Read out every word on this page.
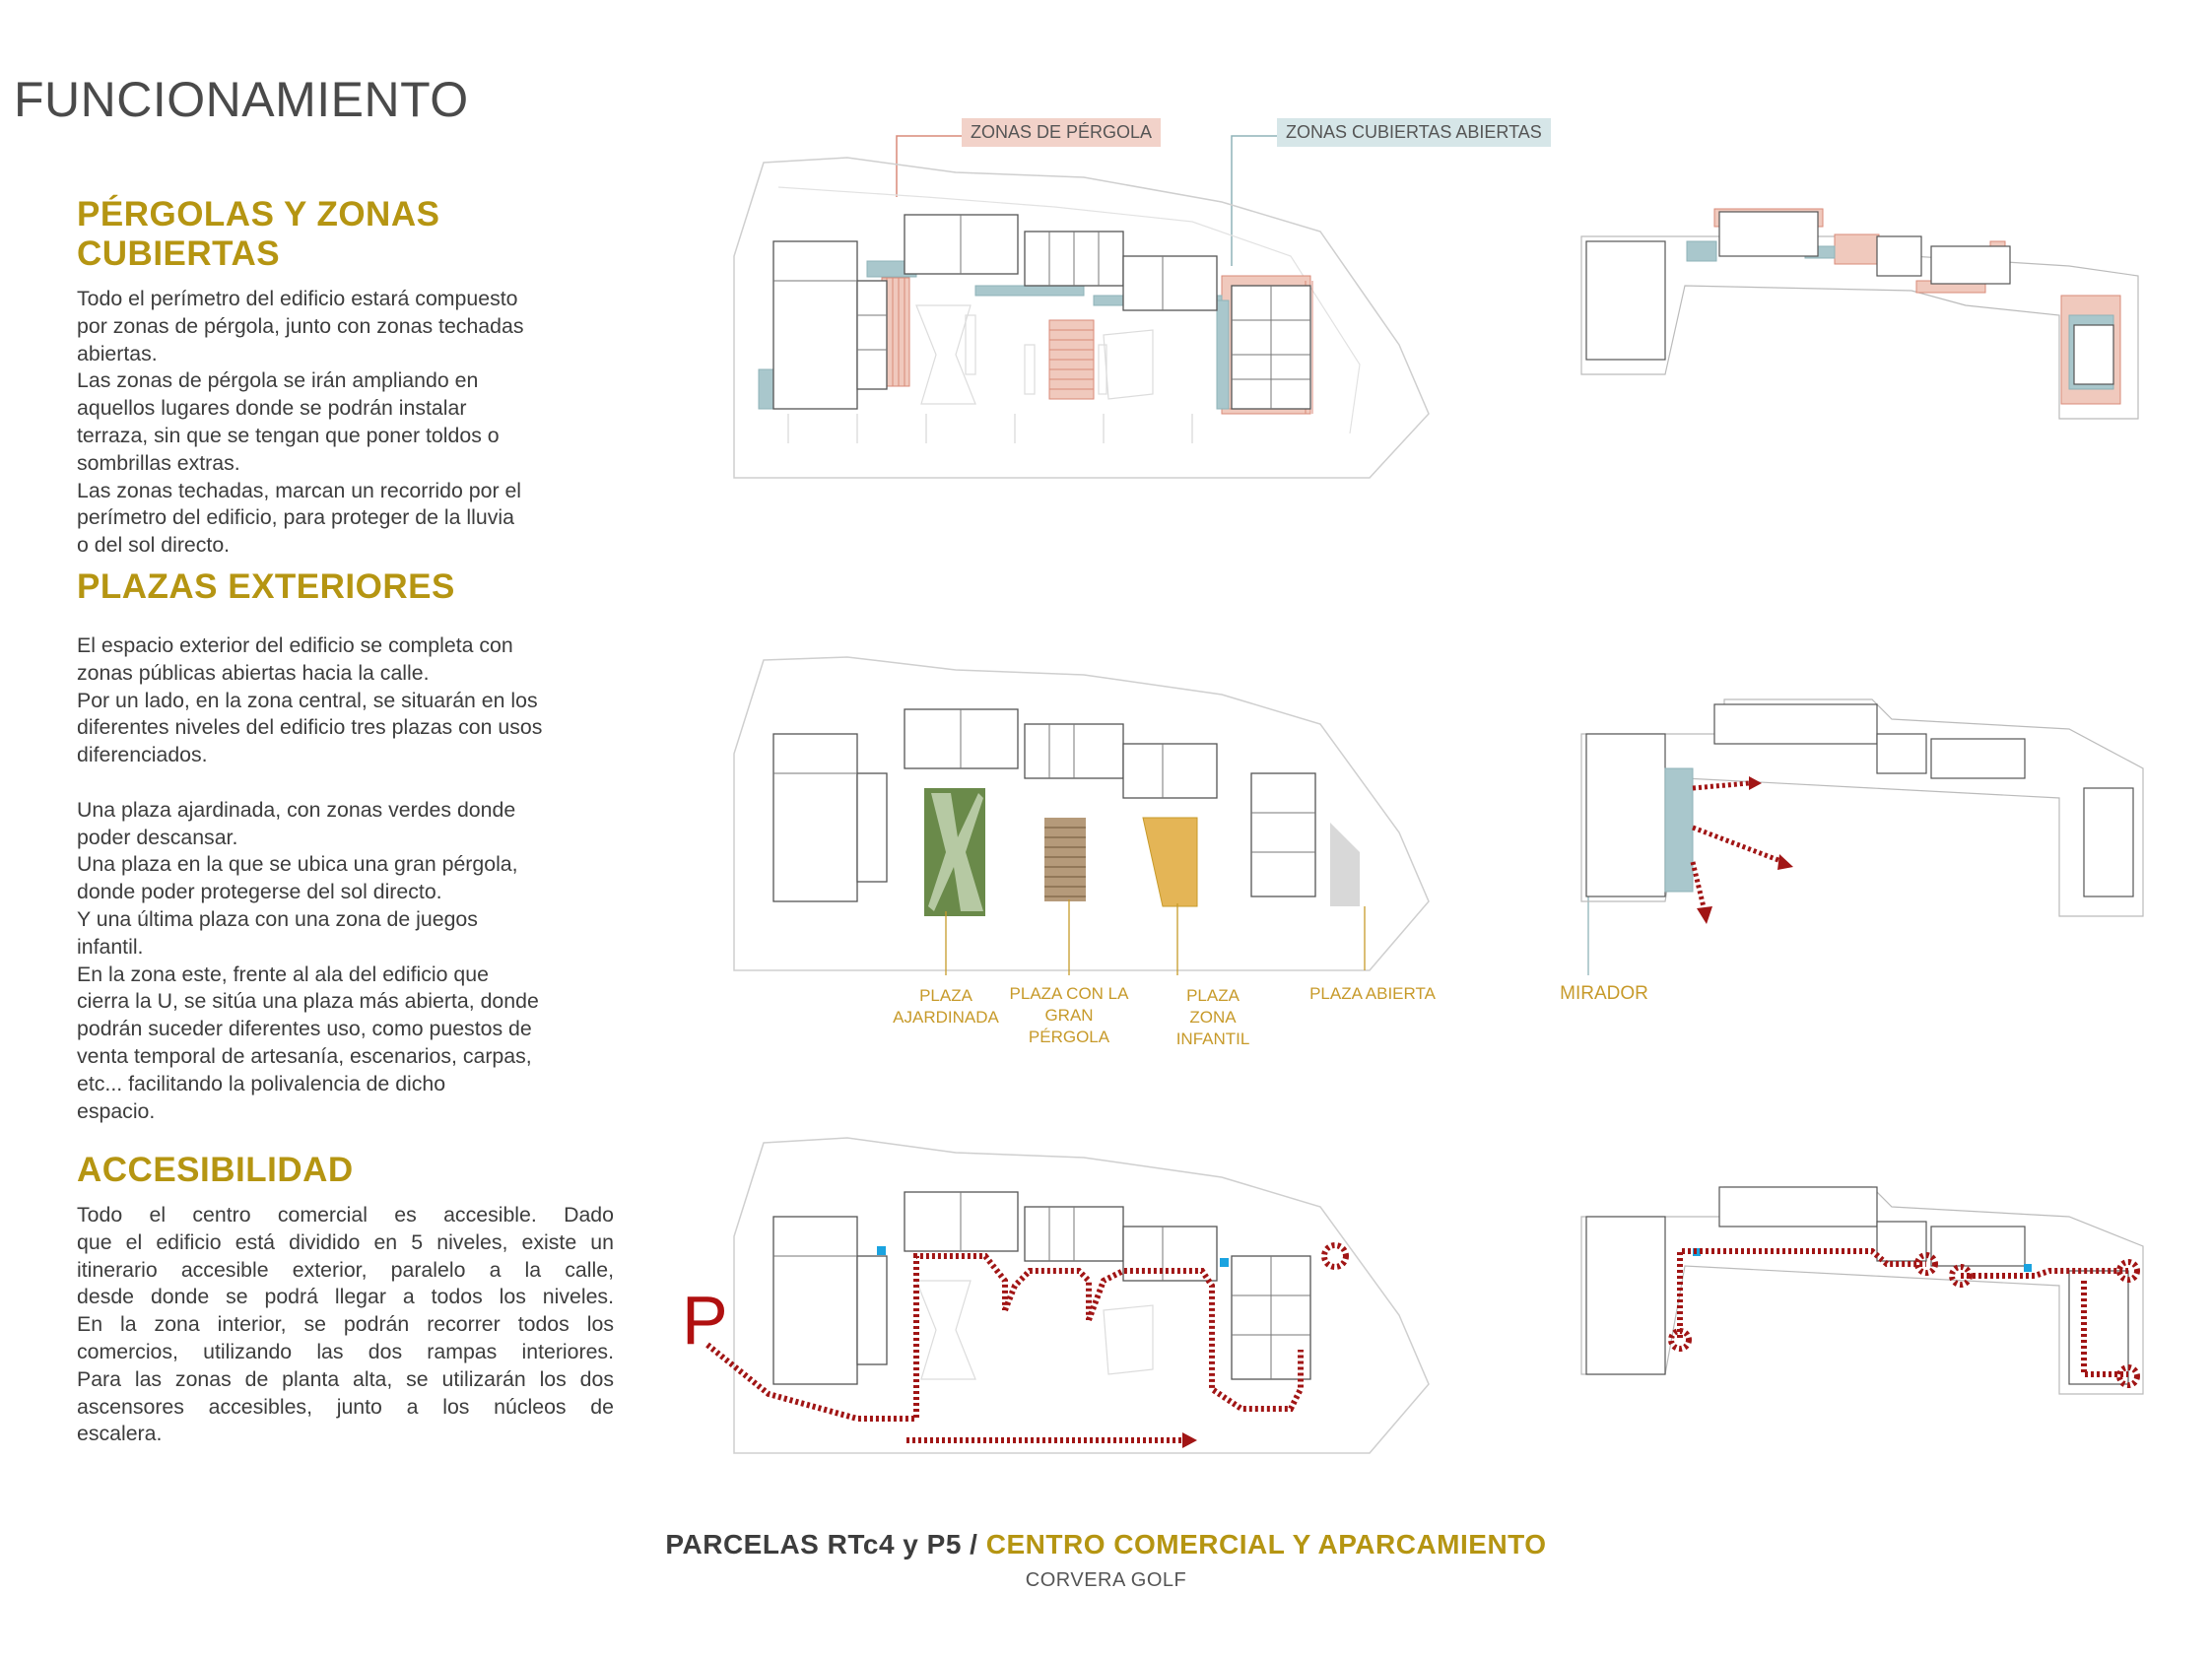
FUNCIONAMIENTO
PÉRGOLAS Y ZONAS CUBIERTAS
Todo el perímetro del edificio estará compuesto
por zonas de pérgola, junto con zonas techadas
abiertas.
Las zonas de pérgola se irán ampliando en
aquellos lugares donde se podrán instalar
terraza, sin que se tengan que poner toldos o
sombrillas extras.
Las zonas techadas, marcan un recorrido por el
perímetro del edificio, para proteger de la lluvia
o del sol directo.
PLAZAS EXTERIORES
El espacio exterior del edificio se completa con
zonas públicas abiertas hacia la calle.
Por un lado, en la zona central, se situarán en los
diferentes niveles del edificio tres plazas con usos
diferenciados.
Una plaza ajardinada, con zonas verdes donde
poder descansar.
Una plaza en la que se ubica una gran pérgola,
donde poder protegerse del sol directo.
Y una última plaza con una zona de juegos
infantil.
En la zona este, frente al ala del edificio que
cierra la U, se sitúa una plaza más abierta, donde
podrán suceder diferentes uso, como puestos de
venta temporal de artesanía, escenarios, carpas,
etc... facilitando la polivalencia de dicho
espacio.
ACCESIBILIDAD
Todo el centro comercial es accesible. Dado
que el edificio está dividido en 5 niveles, existe un
itinerario accesible exterior, paralelo a la calle,
desde donde se podrá llegar a todos los niveles.
En la zona interior, se podrán recorrer todos los
comercios, utilizando las dos rampas interiores.
Para las zonas de planta alta, se utilizarán los dos
ascensores accesibles, junto a los núcleos de
escalera.
ZONAS DE PÉRGOLA	ZONAS CUBIERTAS ABIERTAS
PLAZA
AJARDINADA
PLAZA CON LA
GRAN
PÉRGOLA
PLAZA
ZONA
INFANTIL
PLAZA ABIERTA	MIRADOR
P
PARCELAS RTc4 y P5 / CENTRO COMERCIAL Y APARCAMIENTO
CORVERA GOLF
